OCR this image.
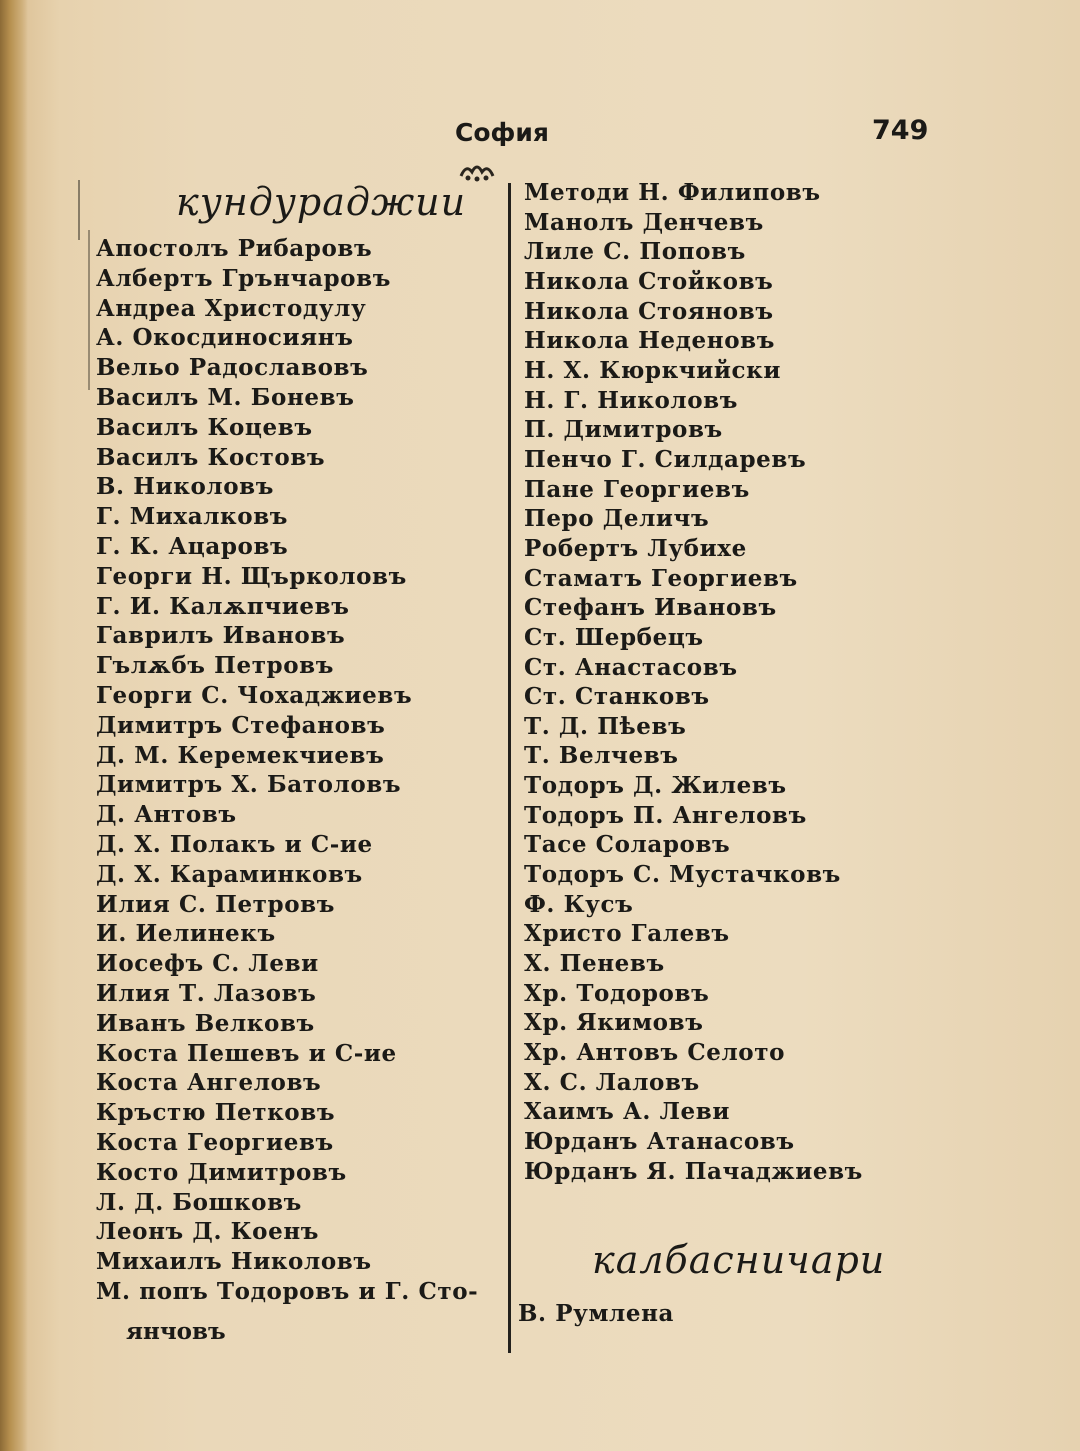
София	749
кундураджии
Апостолъ Рибаровъ
Албертъ Грънчаровъ
Андреа Христодулу
А. Окосдиносиянъ
Вельо Радославовъ
Василъ М. Боневъ
Василъ Коцевъ
Василъ Костовъ
В. Николовъ
Г. Михалковъ
Г. К. Ацаровъ
Георги Н. Щърколовъ
Г. И. Калѫпчиевъ
Гаврилъ Ивановъ
Гълѫбъ Петровъ
Георги С. Чохаджиевъ
Димитръ Стефановъ
Д. М. Керемекчиевъ
Димитръ Х. Батоловъ
Д. Антовъ
Д. Х. Полакъ и С-ие
Д. Х. Караминковъ
Илия С. Петровъ
И. Иелинекъ
Иосефъ С. Леви
Илия Т. Лазовъ
Иванъ Велковъ
Коста Пешевъ и С-ие
Коста Ангеловъ
Кръстю Петковъ
Коста Георгиевъ
Косто Димитровъ
Л. Д. Бошковъ
Леонъ Д. Коенъ
Михаилъ Николовъ
М. попъ Тодоровъ и Г. Сто-
янчовъ
Методи Н. Филиповъ
Манолъ Денчевъ
Лиле С. Поповъ
Никола Стойковъ
Никола Стояновъ
Никола Неденовъ
Н. Х. Кюркчийски
Н. Г. Николовъ
П. Димитровъ
Пенчо Г. Силдаревъ
Пане Георгиевъ
Перо Деличъ
Робертъ Лубихе
Стаматъ Георгиевъ
Стефанъ Ивановъ
Ст. Шербецъ
Ст. Анастасовъ
Ст. Станковъ
Т. Д. Пѣевъ
Т. Велчевъ
Тодоръ Д. Жилевъ
Тодоръ П. Ангеловъ
Тасе Соларовъ
Тодоръ С. Мустачковъ
Ф. Кусъ
Христо Галевъ
Х. Пеневъ
Хр. Тодоровъ
Хр. Якимовъ
Хр. Антовъ Селото
Х. С. Лаловъ
Хаимъ А. Леви
Юрданъ Атанасовъ
Юрданъ Я. Пачаджиевъ
калбасничари
В. Румлена
